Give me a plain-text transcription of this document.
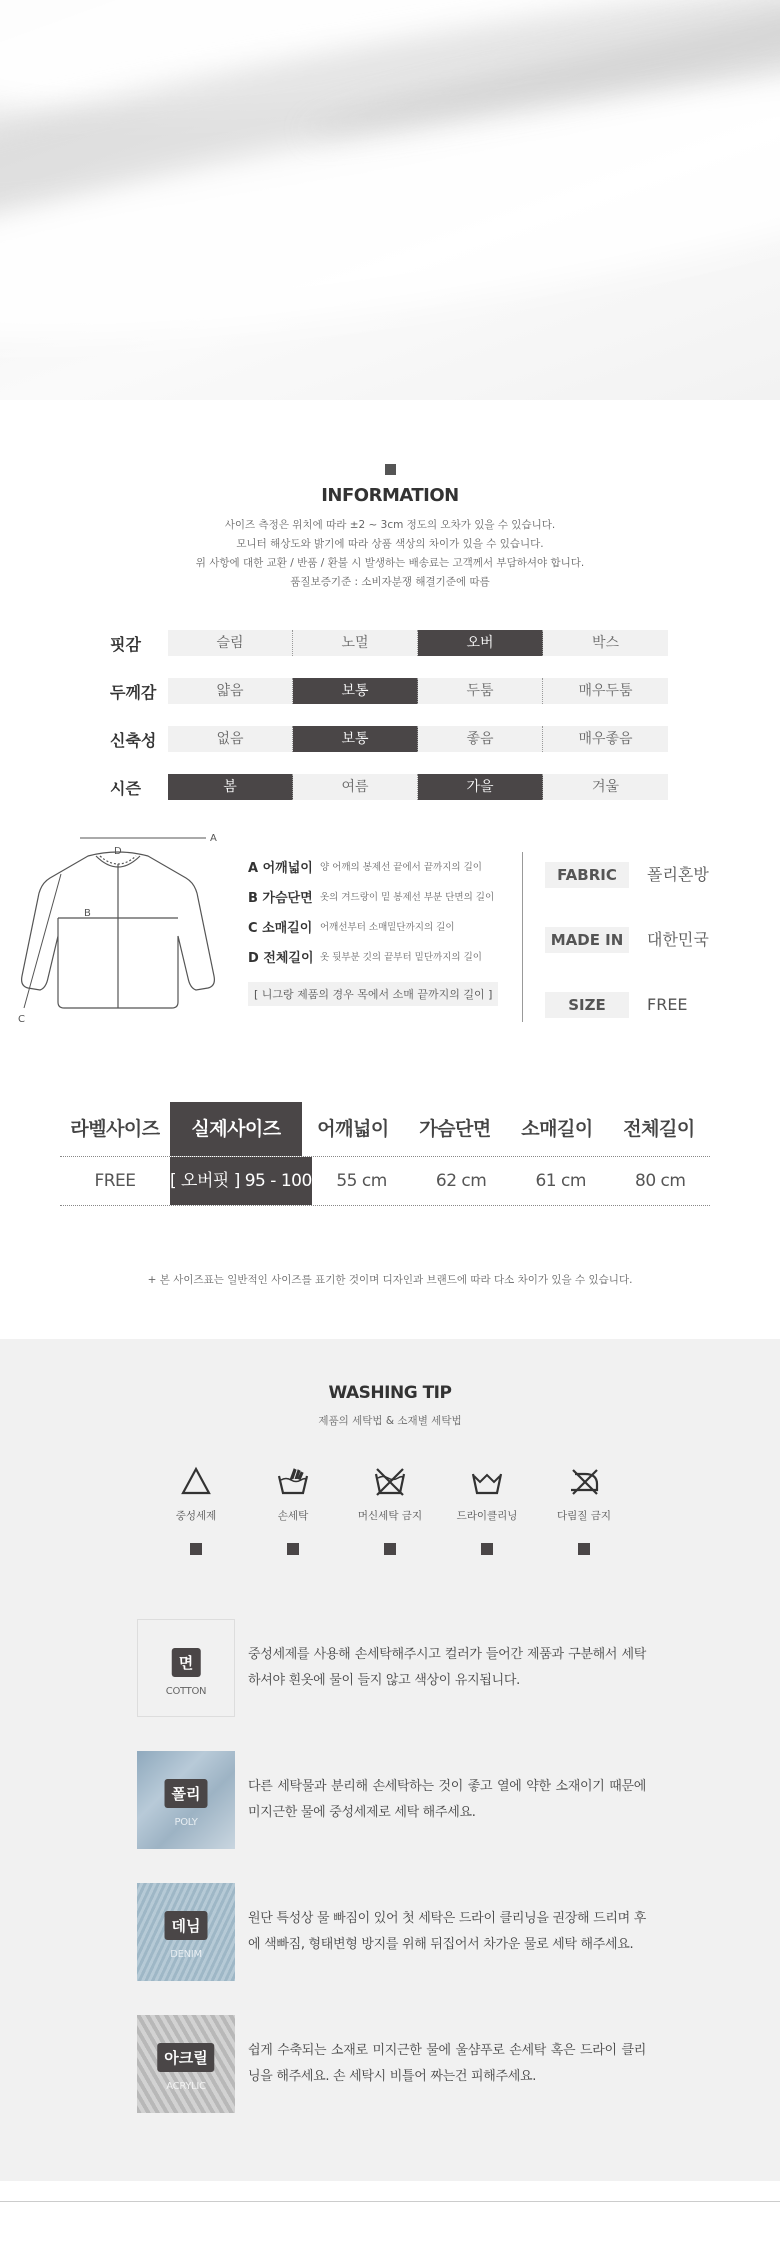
INFORMATION

사이즈 측정은 위치에 따라 ±2 ~ 3cm 정도의 오차가 있을 수 있습니다.

모니터 해상도와 밝기에 따라 상품 색상의 차이가 있을 수 있습니다.

위 사항에 대한 교환 / 반품 / 환불 시 발생하는 배송료는 고객께서 부담하셔야 합니다.

품질보증기준 : 소비자분쟁 해결기준에 따름

핏감	슬림	노멀	오버	박스
두께감	얇음	보통	두툼	매우두툼
신축성	없음	보통	좋음	매우좋음
시즌	봄	여름	가을	겨울
A
D
B
C
A 어깨넓이 양 어깨의 봉제선 끝에서 끝까지의 길이
B 가슴단면 옷의 겨드랑이 밑 봉제선 부분 단면의 길이
C 소매길이 어깨선부터 소매밑단까지의 길이
D 전체길이 옷 뒷부분 깃의 끝부터 밑단까지의 길이
[ 니그랑 제품의 경우 목에서 소매 끝까지의 길이 ]
FABRIC 폴리혼방
MADE IN 대한민국
SIZE	FREE
라벨사이즈	실제사이즈	어깨넓이	가슴단면	소매길이	전체길이
FREE	[ 오버핏 ] 95 - 100	55 cm	62 cm	61 cm	80 cm
+ 본 사이즈표는 일반적인 사이즈를 표기한 것이며 디자인과 브랜드에 따라 다소 차이가 있을 수 있습니다.
WASHING TIP
제품의 세탁법 & 소재별 세탁법
중성세제	손세탁	머신세탁 금지	드라이클리닝	다림질 금지
면
COTTON
중성세제를 사용해 손세탁해주시고 컬러가 들어간 제품과 구분해서 세탁하셔야 흰옷에 물이 들지 않고 색상이 유지됩니다.
폴리
POLY
다른 세탁물과 분리해 손세탁하는 것이 좋고 열에 약한 소재이기 때문에 미지근한 물에 중성세제로 세탁 해주세요.
데님
DENIM
원단 특성상 물 빠짐이 있어 첫 세탁은 드라이 클리닝을 권장해 드리며 후에 색빠짐, 형태변형 방지를 위해 뒤집어서 차가운 물로 세탁 해주세요.
아크릴
ACRYLIC
쉽게 수축되는 소재로 미지근한 물에 울샴푸로 손세탁 혹은 드라이 클리닝을 해주세요. 손 세탁시 비틀어 짜는건 피해주세요.
